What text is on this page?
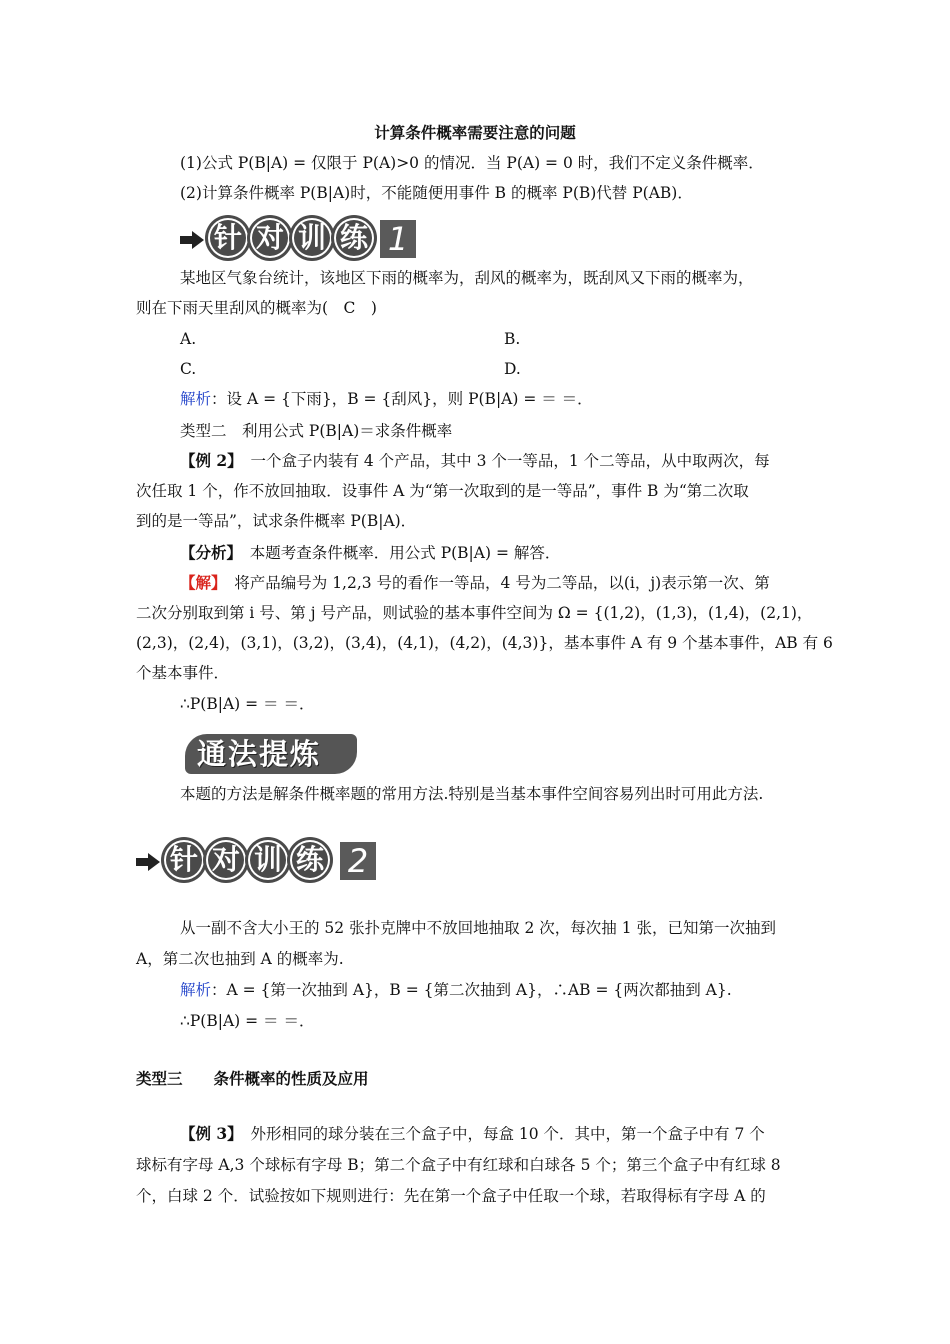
计算条件概率需要注意的问题
(1)公式 P(B|A) = 仅限于 P(A)>0 的情况．当 P(A) = 0 时，我们不定义条件概率．
(2)计算条件概率 P(B|A)时，不能随便用事件 B 的概率 P(B)代替 P(AB)．
针 对 训 练 1
某地区气象台统计，该地区下雨的概率为，刮风的概率为，既刮风又下雨的概率为，
则在下雨天里刮风的概率为(　C　)
A.	B.
C.	D.
解析：设 A = {下雨}，B = {刮风}，则 P(B|A) = ＝ ＝．
类型二　利用公式 P(B|A)＝求条件概率
【例 2】　一个盒子内装有 4 个产品，其中 3 个一等品，1 个二等品，从中取两次，每
次任取 1 个，作不放回抽取．设事件 A 为“第一次取到的是一等品”，事件 B 为“第二次取
到的是一等品”，试求条件概率 P(B|A)．
【分析】　本题考查条件概率．用公式 P(B|A) = 解答．
【解】　将产品编号为 1,2,3 号的看作一等品，4 号为二等品，以(i，j)表示第一次、第
二次分别取到第 i 号、第 j 号产品，则试验的基本事件空间为 Ω = {(1,2)，(1,3)，(1,4)，(2,1)，
(2,3)，(2,4)，(3,1)，(3,2)，(3,4)，(4,1)，(4,2)，(4,3)}，基本事件 A 有 9 个基本事件，AB 有 6
个基本事件．
∴P(B|A) = ＝ ＝．
通法提炼
本题的方法是解条件概率题的常用方法.特别是当基本事件空间容易列出时可用此方法.
针 对 训 练 2
从一副不含大小王的 52 张扑克牌中不放回地抽取 2 次，每次抽 1 张，已知第一次抽到
A，第二次也抽到 A 的概率为.
解析：A = {第一次抽到 A}，B = {第二次抽到 A}，∴AB = {两次都抽到 A}.
∴P(B|A) = ＝ ＝．
类型三　　条件概率的性质及应用
【例 3】　外形相同的球分装在三个盒子中，每盒 10 个．其中，第一个盒子中有 7 个
球标有字母 A,3 个球标有字母 B；第二个盒子中有红球和白球各 5 个；第三个盒子中有红球 8
个，白球 2 个．试验按如下规则进行：先在第一个盒子中任取一个球，若取得标有字母 A 的
